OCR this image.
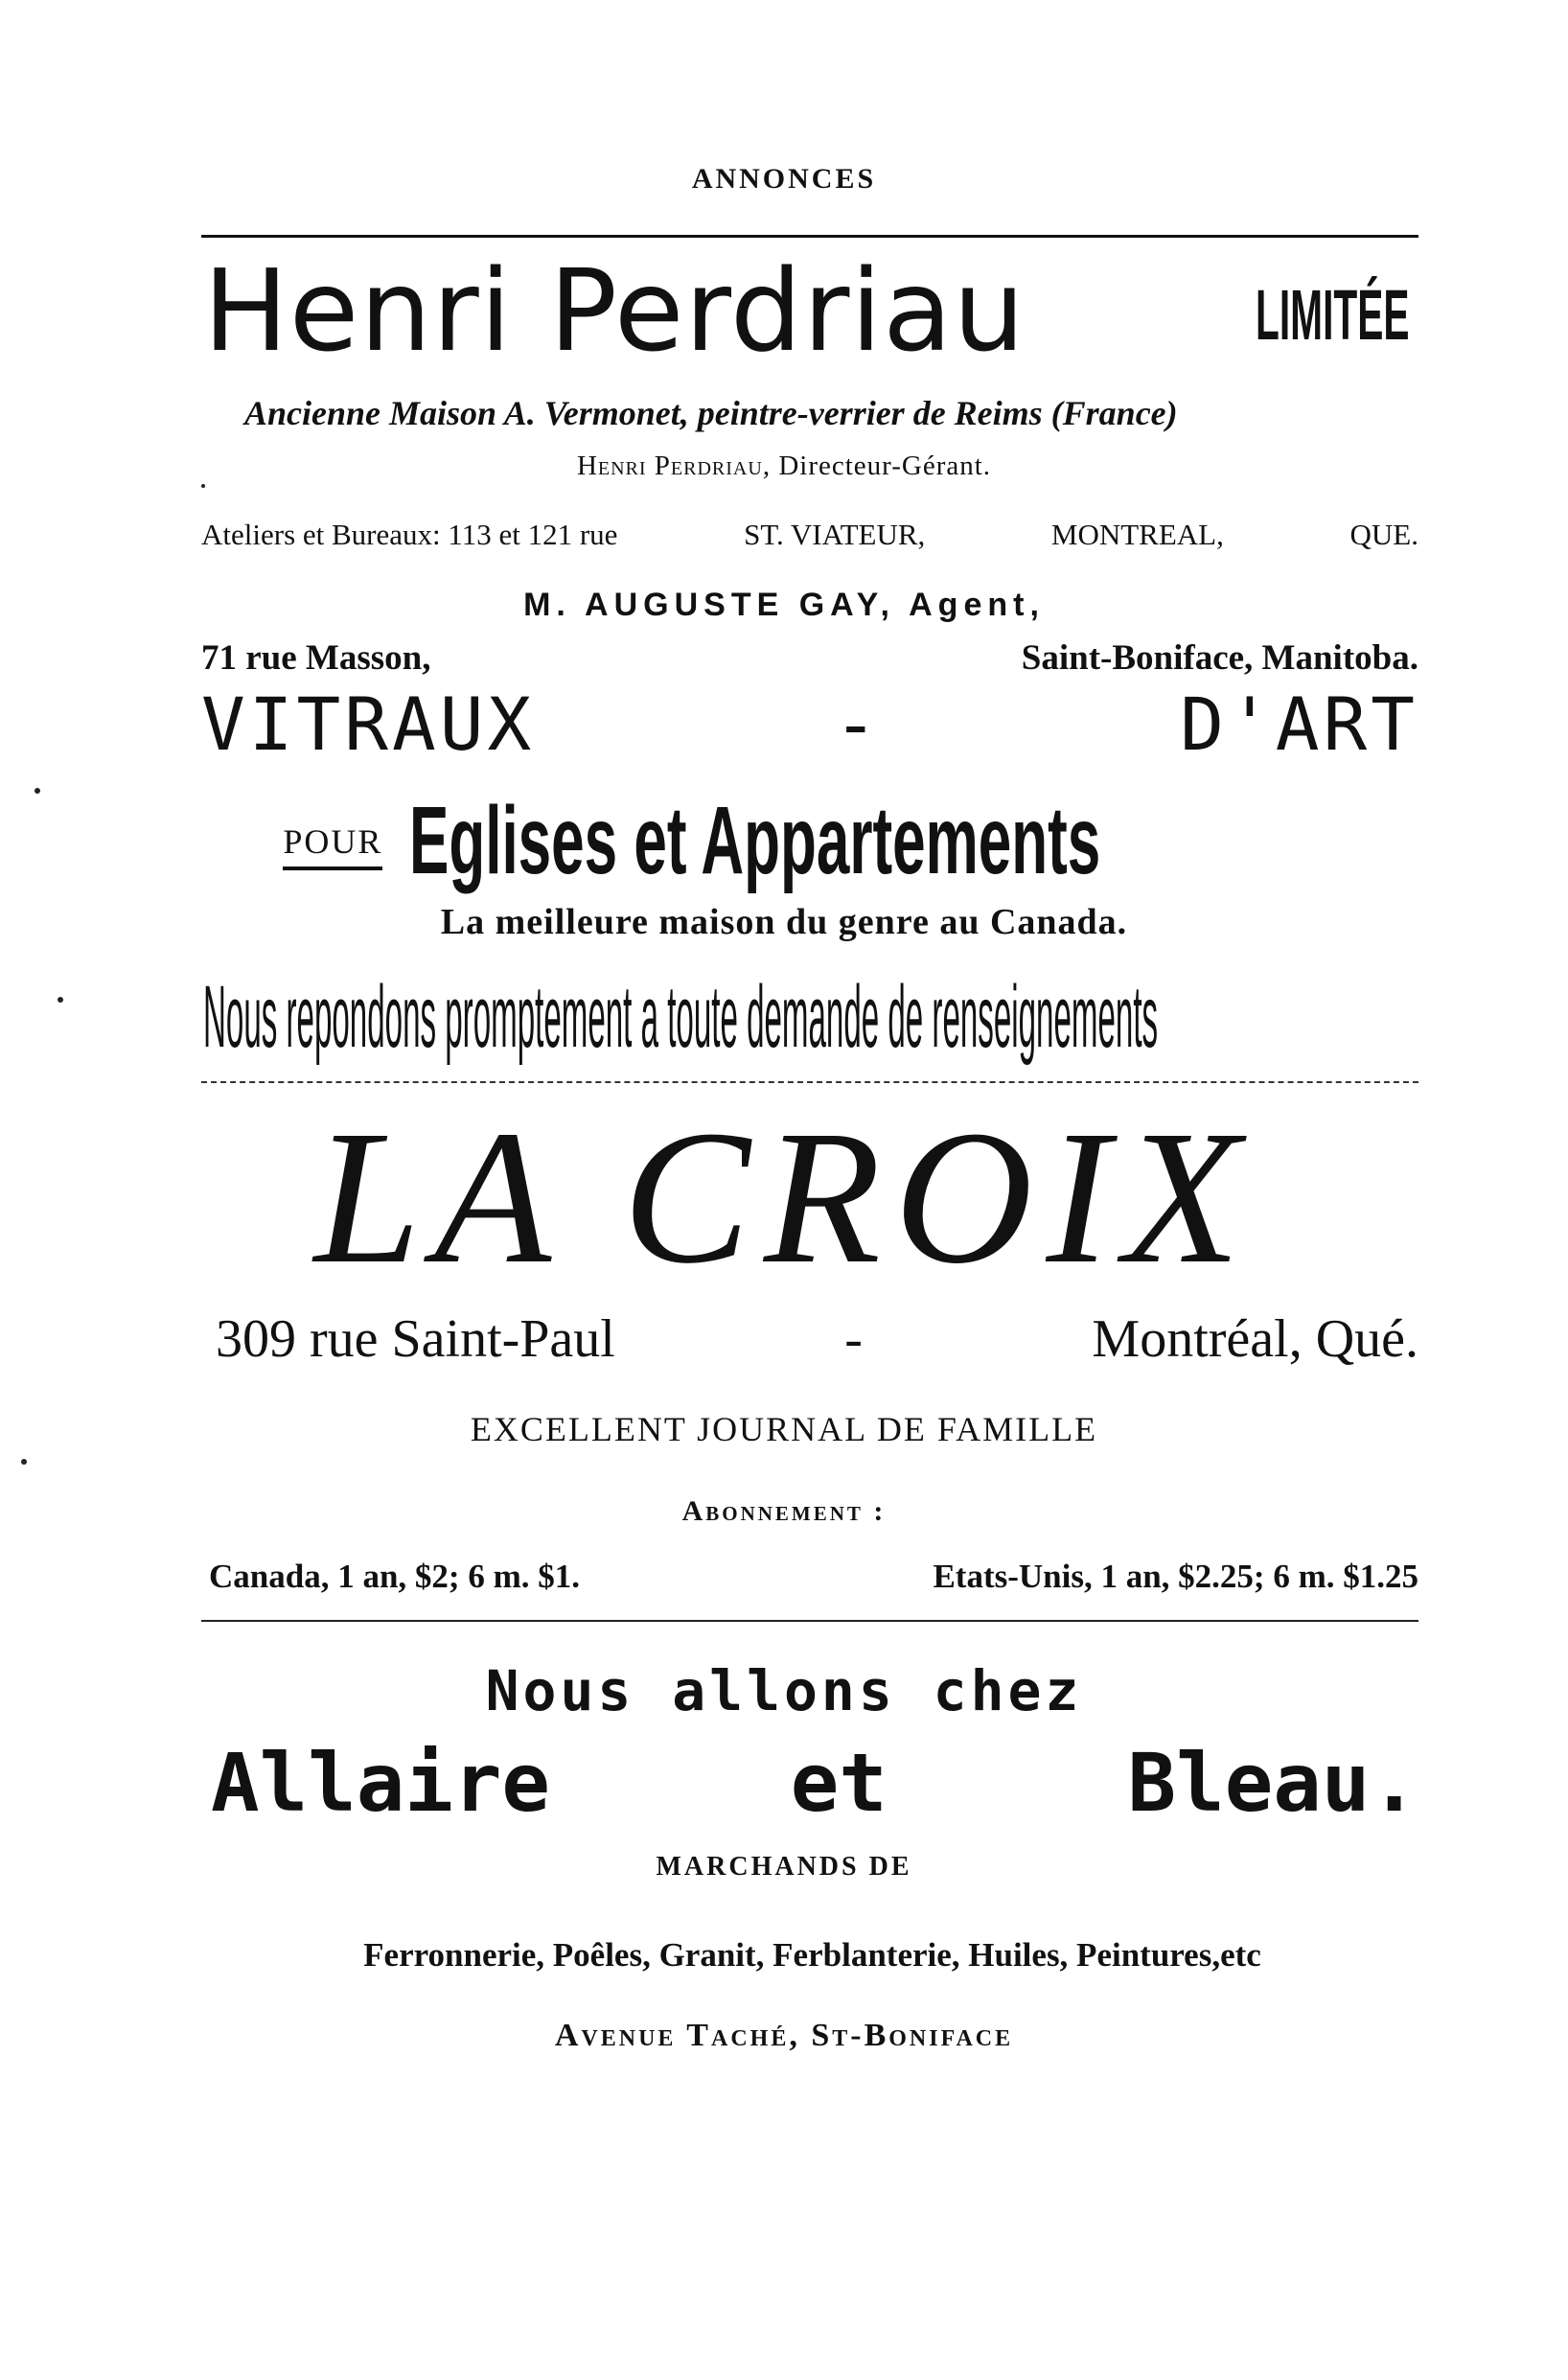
ANNONCES
Henri Perdriau	LIMITÉE
Ancienne Maison A. Vermonet, peintre-verrier de Reims (France)
Henri Perdriau, Directeur-Gérant.
Ateliers et Bureaux: 113 et 121 rue	ST. VIATEUR,	MONTREAL,	QUE.
M. AUGUSTE GAY, Agent,
71 rue Masson,	Saint-Boniface, Manitoba.
VITRAUX	-	D'ART
POUR Eglises et Appartements
La meilleure maison du genre au Canada.
Nous repondons promptement a toute demande de renseignements
LA CROIX
309 rue Saint-Paul	-	Montréal, Qué.
EXCELLENT JOURNAL DE FAMILLE
Abonnement :
Canada, 1 an, $2; 6 m. $1.	Etats-Unis, 1 an, $2.25; 6 m. $1.25
Nous allons chez
Allaire	et	Bleau.
MARCHANDS DE
Ferronnerie, Poêles, Granit, Ferblanterie, Huiles, Peintures,etc
Avenue Taché, St-Boniface
